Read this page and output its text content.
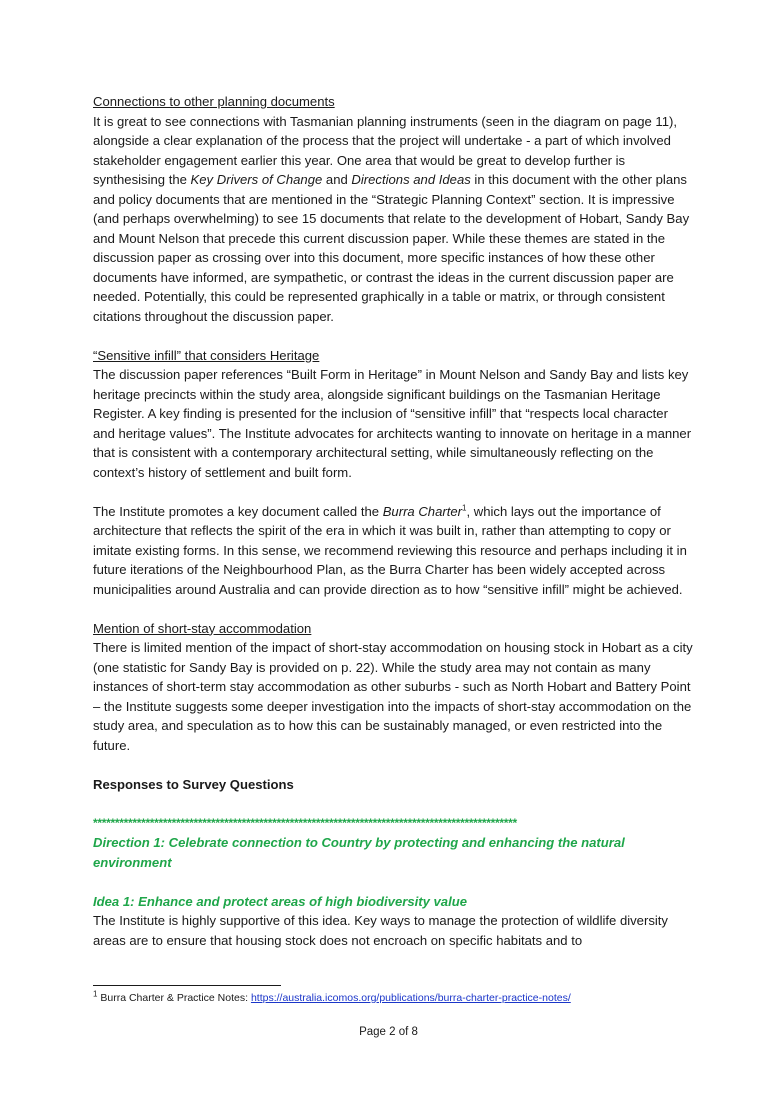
Connections to other planning documents

It is great to see connections with Tasmanian planning instruments (seen in the diagram on page 11), alongside a clear explanation of the process that the project will undertake - a part of which involved stakeholder engagement earlier this year. One area that would be great to develop further is synthesising the Key Drivers of Change and Directions and Ideas in this document with the other plans and policy documents that are mentioned in the “Strategic Planning Context” section. It is impressive (and perhaps overwhelming) to see 15 documents that relate to the development of Hobart, Sandy Bay and Mount Nelson that precede this current discussion paper. While these themes are stated in the discussion paper as crossing over into this document, more specific instances of how these other documents have informed, are sympathetic, or contrast the ideas in the current discussion paper are needed. Potentially, this could be represented graphically in a table or matrix, or through consistent citations throughout the discussion paper.

“Sensitive infill” that considers Heritage

The discussion paper references “Built Form in Heritage” in Mount Nelson and Sandy Bay and lists key heritage precincts within the study area, alongside significant buildings on the Tasmanian Heritage Register. A key finding is presented for the inclusion of “sensitive infill” that “respects local character and heritage values”. The Institute advocates for architects wanting to innovate on heritage in a manner that is consistent with a contemporary architectural setting, while simultaneously reflecting on the context’s history of settlement and built form.

The Institute promotes a key document called the Burra Charter$^1$, which lays out the importance of architecture that reflects the spirit of the era in which it was built in, rather than attempting to copy or imitate existing forms. In this sense, we recommend reviewing this resource and perhaps including it in future iterations of the Neighbourhood Plan, as the Burra Charter has been widely accepted across municipalities around Australia and can provide direction as to how “sensitive infill” might be achieved.

Mention of short-stay accommodation

There is limited mention of the impact of short-stay accommodation on housing stock in Hobart as a city (one statistic for Sandy Bay is provided on p. 22). While the study area may not contain as many instances of short-term stay accommodation as other suburbs - such as North Hobart and Battery Point – the Institute suggests some deeper investigation into the impacts of short-stay accommodation on the study area, and speculation as to how this can be sustainably managed, or even restricted into the future.

Responses to Survey Questions

*************************************************************************************************

Direction 1: Celebrate connection to Country by protecting and enhancing the natural environment

Idea 1: Enhance and protect areas of high biodiversity value

The Institute is highly supportive of this idea. Key ways to manage the protection of wildlife diversity areas are to ensure that housing stock does not encroach on specific habitats and to

$^1$ Burra Charter & Practice Notes: https://australia.icomos.org/publications/burra-charter-practice-notes/
Page 2 of 8
